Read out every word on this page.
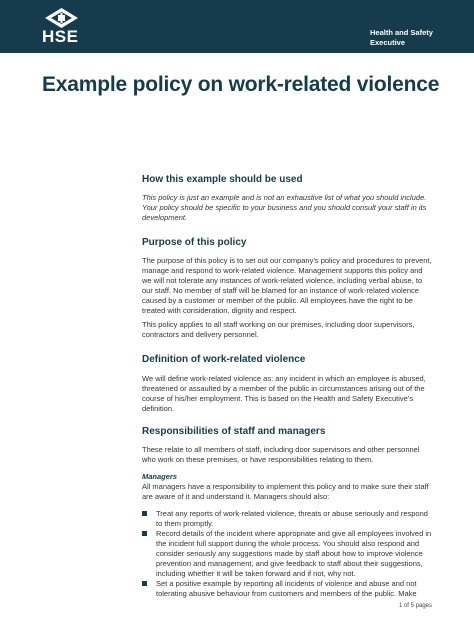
HSE	Health and Safety
Executive
Example policy on work-related violence
How this example should be used

This policy is just an example and is not an exhaustive list of what you should include. Your policy should be specific to your business and you should consult your staff in its development.

Purpose of this policy

The purpose of this policy is to set out our company’s policy and procedures to prevent, manage and respond to work-related violence. Management supports this policy and we will not tolerate any instances of work-related violence, including verbal abuse, to our staff. No member of staff will be blamed for an instance of work-related violence caused by a customer or member of the public. All employees have the right to be treated with consideration, dignity and respect.

This policy applies to all staff working on our premises, including door supervisors, contractors and delivery personnel.

Definition of work-related violence

We will define work-related violence as: any incident in which an employee is abused, threatened or assaulted by a member of the public in circumstances arising out of the course of his/her employment. This is based on the Health and Safety Executive’s definition.

Responsibilities of staff and managers

These relate to all members of staff, including door supervisors and other personnel who work on these premises, or have responsibilities relating to them.

Managers

All managers have a responsibility to implement this policy and to make sure their staff are aware of it and understand it. Managers should also:

Treat any reports of work-related violence, threats or abuse seriously and respond to them promptly.
Record details of the incident where appropriate and give all employees involved in the incident full support during the whole process. You should also respond and consider seriously any suggestions made by staff about how to improve violence prevention and management, and give feedback to staff about their suggestions, including whether it will be taken forward and if not, why not.
Set a positive example by reporting all incidents of violence and abuse and not tolerating abusive behaviour from customers and members of the public. Make
1 of 5 pages
